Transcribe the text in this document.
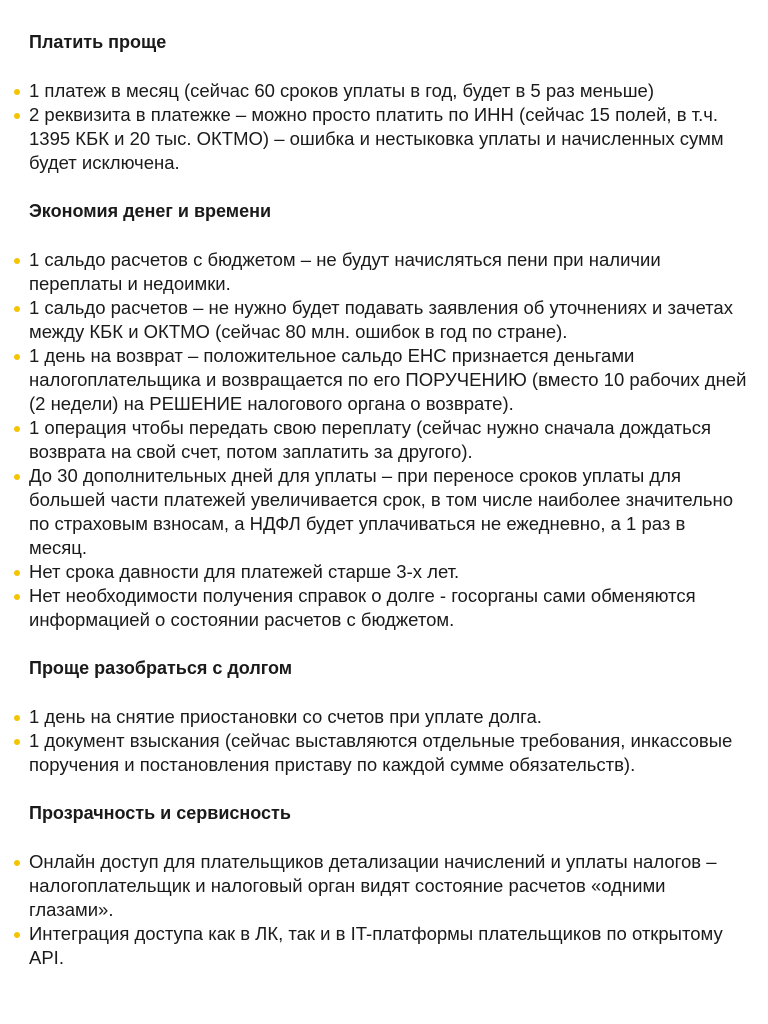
Платить проще
1 платеж в месяц (сейчас 60 сроков уплаты в год, будет в 5 раз меньше)
2 реквизита в платежке – можно просто платить по ИНН (сейчас 15 полей, в т.ч. 1395 КБК и 20 тыс. ОКТМО) – ошибка и нестыковка уплаты и начисленных сумм будет исключена.
Экономия денег и времени
1 сальдо расчетов с бюджетом – не будут начисляться пени при наличии переплаты и недоимки.
1 сальдо расчетов – не нужно будет подавать заявления об уточнениях и зачетах между КБК и ОКТМО (сейчас 80 млн. ошибок в год по стране).
1 день на возврат – положительное сальдо ЕНС признается деньгами налогоплательщика и возвращается по его ПОРУЧЕНИЮ (вместо 10 рабочих дней (2 недели) на РЕШЕНИЕ налогового органа о возврате).
1 операция чтобы передать свою переплату (сейчас нужно сначала дождаться возврата на свой счет, потом заплатить за другого).
До 30 дополнительных дней для уплаты – при переносе сроков уплаты для большей части платежей увеличивается срок, в том числе наиболее значительно по страховым взносам, а НДФЛ будет уплачиваться не ежедневно, а 1 раз в месяц.
Нет срока давности для платежей старше 3-х лет.
Нет необходимости получения справок о долге - госорганы сами обменяются информацией о состоянии расчетов с бюджетом.
Проще разобраться с долгом
1 день на снятие приостановки со счетов при уплате долга.
1 документ взыскания (сейчас выставляются отдельные требования, инкассовые поручения и постановления приставу по каждой сумме обязательств).
Прозрачность и сервисность
Онлайн доступ для плательщиков детализации начислений и уплаты налогов – налогоплательщик и налоговый орган видят состояние расчетов «одними глазами».
Интеграция доступа как в ЛК, так и в IT-платформы плательщиков по открытому API.
